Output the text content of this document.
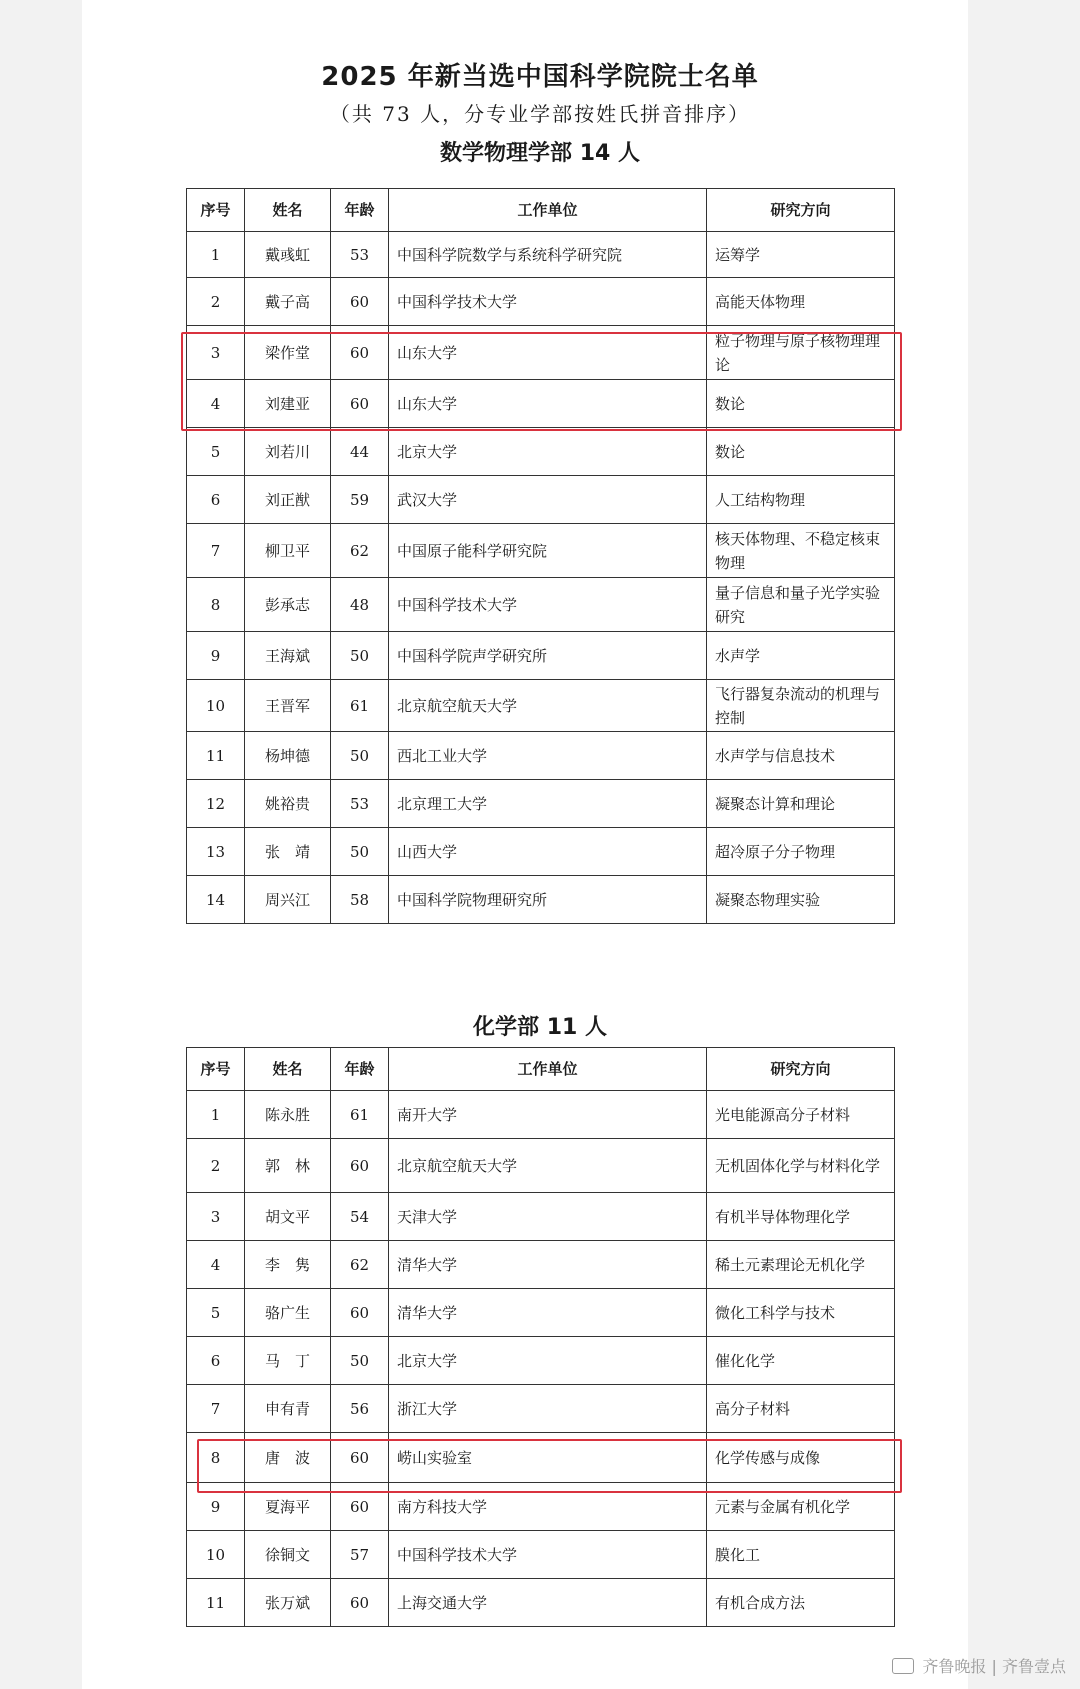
2025 年新当选中国科学院院士名单
（共 73 人，分专业学部按姓氏拼音排序）
数学物理学部 14 人
序号	姓名	年龄	工作单位	研究方向
1	戴彧虹	53	中国科学院数学与系统科学研究院	运筹学
2	戴子高	60	中国科学技术大学	高能天体物理
3	梁作堂	60	山东大学	粒子物理与原子核物理理论
4	刘建亚	60	山东大学	数论
5	刘若川	44	北京大学	数论
6	刘正猷	59	武汉大学	人工结构物理
7	柳卫平	62	中国原子能科学研究院	核天体物理、不稳定核束物理
8	彭承志	48	中国科学技术大学	量子信息和量子光学实验研究
9	王海斌	50	中国科学院声学研究所	水声学
10	王晋军	61	北京航空航天大学	飞行器复杂流动的机理与控制
11	杨坤德	50	西北工业大学	水声学与信息技术
12	姚裕贵	53	北京理工大学	凝聚态计算和理论
13	张　靖	50	山西大学	超冷原子分子物理
14	周兴江	58	中国科学院物理研究所	凝聚态物理实验
化学部 11 人
序号	姓名	年龄	工作单位	研究方向
1	陈永胜	61	南开大学	光电能源高分子材料
2	郭　林	60	北京航空航天大学	无机固体化学与材料化学
3	胡文平	54	天津大学	有机半导体物理化学
4	李　隽	62	清华大学	稀土元素理论无机化学
5	骆广生	60	清华大学	微化工科学与技术
6	马　丁	50	北京大学	催化化学
7	申有青	56	浙江大学	高分子材料
8	唐　波	60	崂山实验室	化学传感与成像
9	夏海平	60	南方科技大学	元素与金属有机化学
10	徐铜文	57	中国科学技术大学	膜化工
11	张万斌	60	上海交通大学	有机合成方法
齐鲁晚报 | 齐鲁壹点
